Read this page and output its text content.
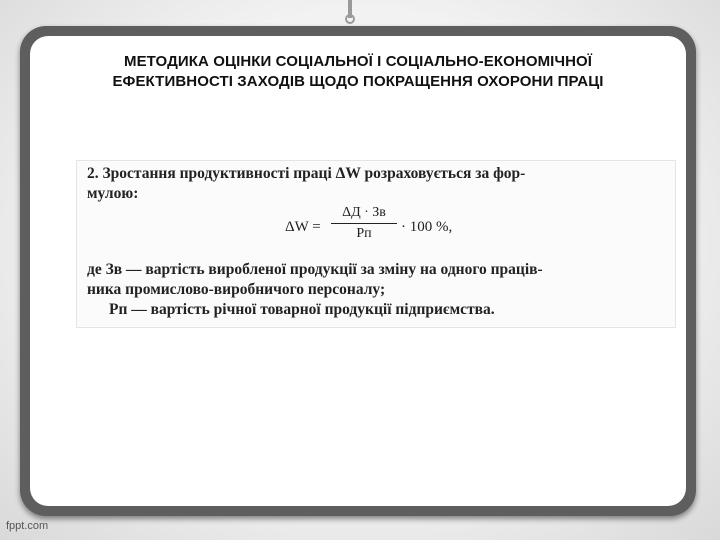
МЕТОДИКА ОЦІНКИ СОЦІАЛЬНОЇ І СОЦІАЛЬНО-ЕКОНОМІЧНОЇ
ЕФЕКТИВНОСТІ ЗАХОДІВ ЩОДО ПОКРАЩЕННЯ ОХОРОНИ ПРАЦІ
2. Зростання продуктивності праці ΔW розраховується за фор-
мулою:
ΔW =
ΔД · Зв
Рп	· 100 %,
де Зв — вартість виробленої продукції за зміну на одного праців-
ника промислово-виробничого персоналу;
Рп — вартість річної товарної продукції підприємства.
fppt.com
